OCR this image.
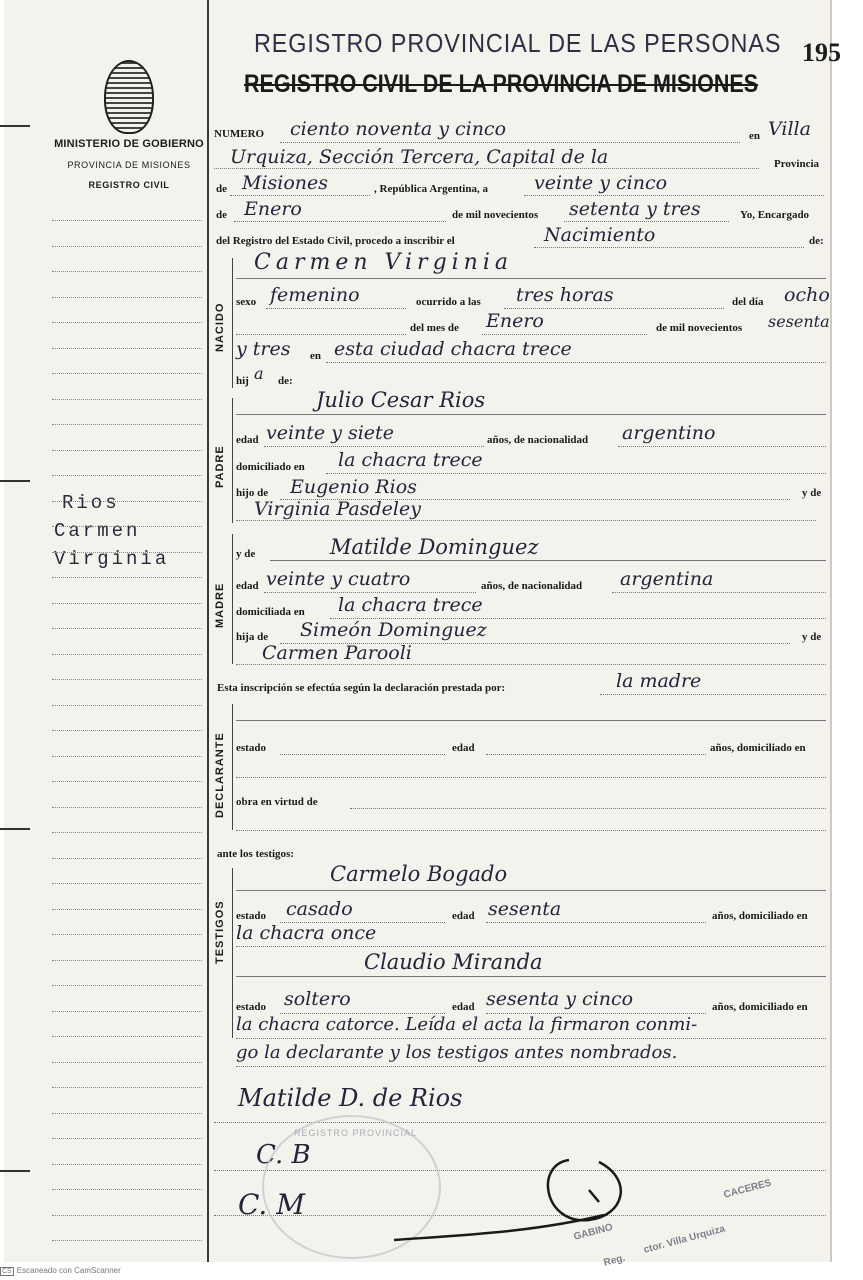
MINISTERIO DE GOBIERNO
PROVINCIA DE MISIONES
REGISTRO CIVIL
Rios
Carmen
Virginia
REGISTRO PROVINCIAL DE LAS PERSONAS
REGISTRO CIVIL DE LA PROVINCIA DE MISIONES
195
NUMERO ciento noventa y cinco	en Villa
Urquiza, Sección Tercera, Capital de la	Provincia
de Misiones	, República Argentina, a veinte y cinco
de Enero	de mil novecientos setenta y tres	Yo, Encargado
del Registro del Estado Civil, procedo a inscribir el	Nacimiento	de:
NACIDO
Carmen Virginia
sexo femenino	ocurrido a las tres horas	del día ocho
del mes de Enero	de mil novecientos sesenta
y tres en esta ciudad chacra trece
hij a de:
PADRE
Julio Cesar Rios
edad veinte y siete	años, de nacionalidad argentino
domiciliado en la chacra trece
hijo de Eugenio Rios	y de
Virginia Pasdeley
MADRE
y de	Matilde Dominguez
edad veinte y cuatro	años, de nacionalidad argentina
domiciliada en la chacra trece
hija de Simeón Dominguez	y de
Carmen Parooli
Esta inscripción se efectúa según la declaración prestada por:	la madre
DECLARANTE estado	edad	años, domiciliado en
obra en virtud de
ante los testigos:
TESTIGOS
Carmelo Bogado
estado casado	edad sesenta	años, domiciliado en
la chacra once
Claudio Miranda
estado soltero	edad sesenta y cinco	años, domiciliado en
la chacra catorce. Leída el acta la firmaron conmi-
go la declarante y los testigos antes nombrados.
Matilde D. de Rios
C. B
C. M
REGISTRO PROVINCIAL
GABINO
CACERES
Reg.
ctor. Villa Urquiza
CS Escaneado con CamScanner
